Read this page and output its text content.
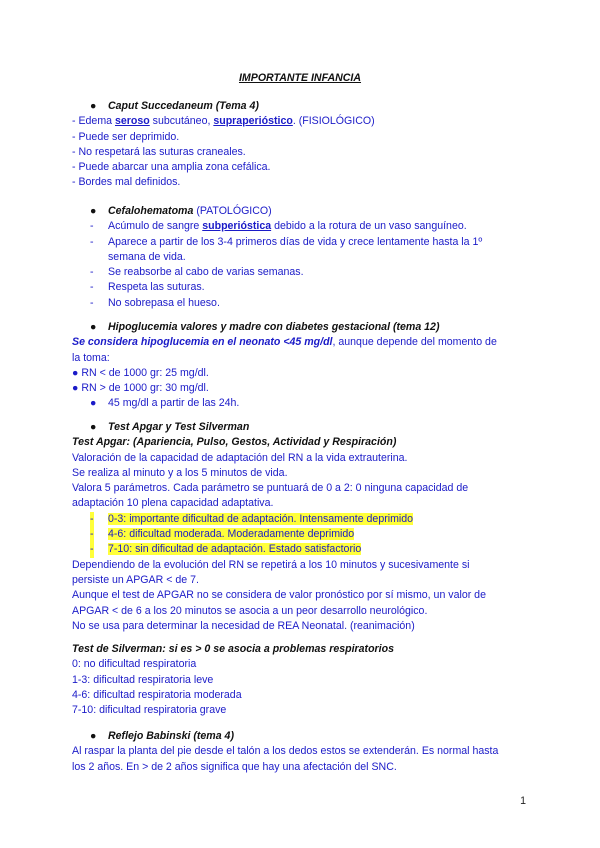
IMPORTANTE INFANCIA
● Caput Succedaneum (Tema 4)
- Edema seroso subcutáneo, supraperióstico. (FISIOLÓGICO)
- Puede ser deprimido.
- No respetará las suturas craneales.
- Puede abarcar una amplia zona cefálica.
- Bordes mal definidos.
● Cefalohematoma (PATOLÓGICO)
- Acúmulo de sangre subperióstica debido a la rotura de un vaso sanguíneo.
- Aparece a partir de los 3-4 primeros días de vida y crece lentamente hasta la 1º
semana de vida.
- Se reabsorbe al cabo de varias semanas.
- Respeta las suturas.
- No sobrepasa el hueso.
● Hipoglucemia valores y madre con diabetes gestacional (tema 12)
Se considera hipoglucemia en el neonato <45 mg/dl, aunque depende del momento de
la toma:
● RN < de 1000 gr: 25 mg/dl.
● RN > de 1000 gr: 30 mg/dl.
● 45 mg/dl a partir de las 24h.
● Test Apgar y Test Silverman
Test Apgar: (Apariencia, Pulso, Gestos, Actividad y Respiración)
Valoración de la capacidad de adaptación del RN a la vida extrauterina.
Se realiza al minuto y a los 5 minutos de vida.
Valora 5 parámetros. Cada parámetro se puntuará de 0 a 2: 0 ninguna capacidad de
adaptación 10 plena capacidad adaptativa.
- 0-3: importante dificultad de adaptación. Intensamente deprimido
- 4-6: dificultad moderada. Moderadamente deprimido
- 7-10: sin dificultad de adaptación. Estado satisfactorio
Dependiendo de la evolución del RN se repetirá a los 10 minutos y sucesivamente si
persiste un APGAR < de 7.
Aunque el test de APGAR no se considera de valor pronóstico por sí mismo, un valor de
APGAR < de 6 a los 20 minutos se asocia a un peor desarrollo neurológico.
No se usa para determinar la necesidad de REA Neonatal. (reanimación)
Test de Silverman: si es > 0 se asocia a problemas respiratorios
0: no dificultad respiratoria
1-3: dificultad respiratoria leve
4-6: dificultad respiratoria moderada
7-10: dificultad respiratoria grave
● Reflejo Babinski (tema 4)
Al raspar la planta del pie desde el talón a los dedos estos se extenderán. Es normal hasta
los 2 años. En > de 2 años significa que hay una afectación del SNC.
1
